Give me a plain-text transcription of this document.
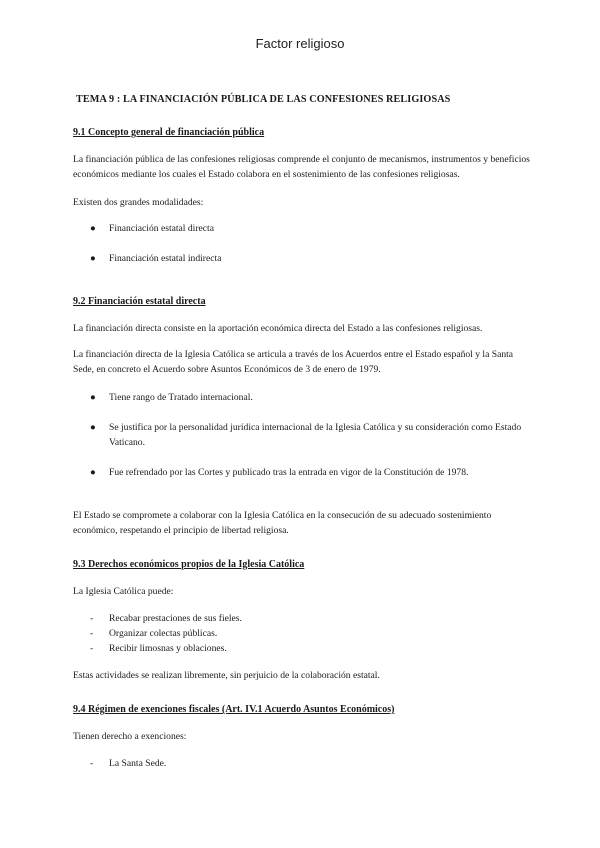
Factor religioso
TEMA 9 : LA FINANCIACIÓN PÚBLICA DE LAS CONFESIONES RELIGIOSAS
9.1 Concepto general de financiación pública
La financiación pública de las confesiones religiosas comprende el conjunto de mecanismos, instrumentos y beneficios económicos mediante los cuales el Estado colabora en el sostenimiento de las confesiones religiosas.
Existen dos grandes modalidades:
●	Financiación estatal directa
●	Financiación estatal indirecta
9.2 Financiación estatal directa
La financiación directa consiste en la aportación económica directa del Estado a las confesiones religiosas.
La financiación directa de la Iglesia Católica se articula a través de los Acuerdos entre el Estado español y la Santa Sede, en concreto el Acuerdo sobre Asuntos Económicos de 3 de enero de 1979.
●	Tiene rango de Tratado internacional.
●	Se justifica por la personalidad jurídica internacional de la Iglesia Católica y su consideración como Estado Vaticano.
●	Fue refrendado por las Cortes y publicado tras la entrada en vigor de la Constitución de 1978.
El Estado se compromete a colaborar con la Iglesia Católica en la consecución de su adecuado sostenimiento económico, respetando el principio de libertad religiosa.
9.3 Derechos económicos propios de la Iglesia Católica
La Iglesia Católica puede:
-	Recabar prestaciones de sus fieles.
-	Organizar colectas públicas.
-	Recibir limosnas y oblaciones.
Estas actividades se realizan libremente, sin perjuicio de la colaboración estatal.
9.4 Régimen de exenciones fiscales (Art. IV.1 Acuerdo Asuntos Económicos)
Tienen derecho a exenciones:
-	La Santa Sede.
